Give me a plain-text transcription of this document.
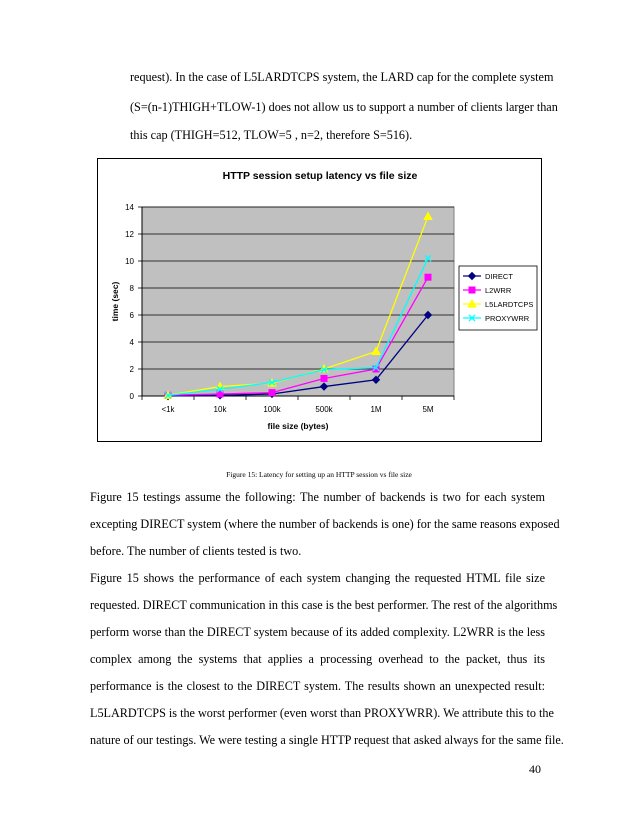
request). In the case of L5LARDTCPS system, the LARD cap for the complete system
(S=(n-1)THIGH+TLOW-1) does not allow us to support a number of clients larger than
this cap (THIGH=512, TLOW=5 , n=2, therefore S=516).
HTTP session setup latency vs file size
0
2
4
6
8
10
12
14
<1k	10k	100k	500k	1M	5M
file size (bytes)
time (sec)
DIRECT
L2WRR
L5LARDTCPS
PROXYWRR
Figure 15: Latency for setting up an HTTP session vs file size
Figure 15 testings assume the following: The number of backends is two for each system
excepting DIRECT system (where the number of backends is one) for the same reasons exposed
before. The number of clients tested is two.
Figure 15 shows the performance of each system changing the requested HTML file size
requested. DIRECT communication in this case is the best performer. The rest of the algorithms
perform worse than the DIRECT system because of its added complexity. L2WRR is the less
complex among the systems that applies a processing overhead to the packet, thus its
performance is the closest to the DIRECT system. The results shown an unexpected result:
L5LARDTCPS is the worst performer (even worst than PROXYWRR). We attribute this to the
nature of our testings. We were testing a single HTTP request that asked always for the same file.
40
